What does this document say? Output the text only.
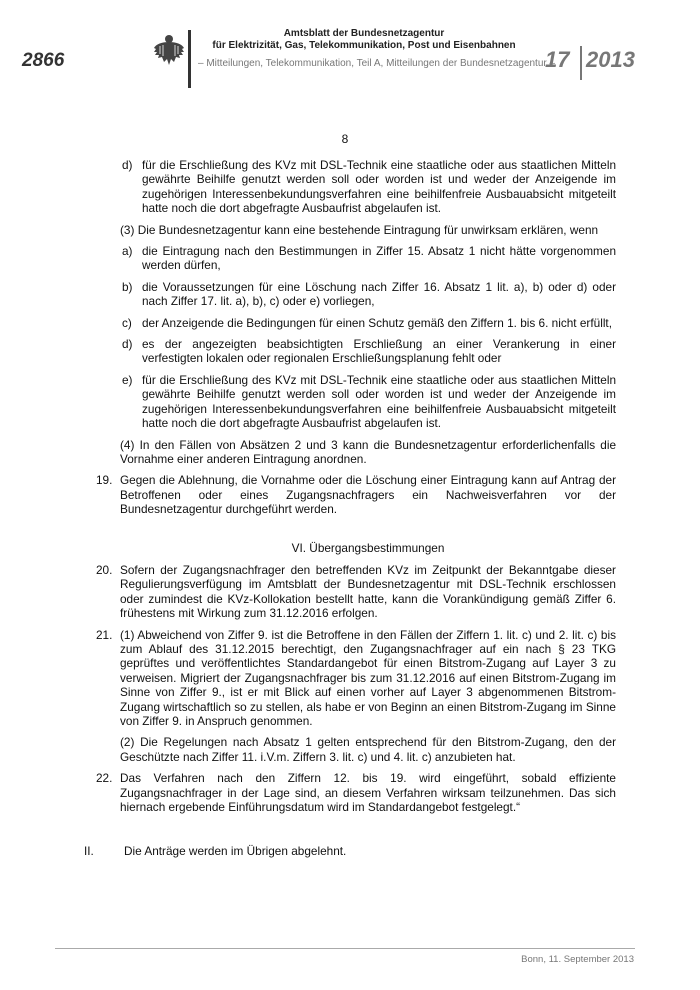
2866
Amtsblatt der Bundesnetzagentur
für Elektrizität, Gas, Telekommunikation, Post und Eisenbahnen
– Mitteilungen, Telekommunikation, Teil A, Mitteilungen der Bundesnetzagentur –
17 2013
8
d) für die Erschließung des KVz mit DSL-Technik eine staatliche oder aus staatlichen Mitteln gewährte Beihilfe genutzt werden soll oder worden ist und weder der Anzeigende im zugehörigen Interessenbekundungsverfahren eine beihilfenfreie Ausbauabsicht mitgeteilt hatte noch die dort abgefragte Ausbaufrist abgelaufen ist.
(3) Die Bundesnetzagentur kann eine bestehende Eintragung für unwirksam erklären, wenn
a) die Eintragung nach den Bestimmungen in Ziffer 15. Absatz 1 nicht hätte vorgenommen werden dürfen,
b) die Voraussetzungen für eine Löschung nach Ziffer 16. Absatz 1 lit. a), b) oder d) oder nach Ziffer 17. lit. a), b), c) oder e) vorliegen,
c) der Anzeigende die Bedingungen für einen Schutz gemäß den Ziffern 1. bis 6. nicht erfüllt,
d) es der angezeigten beabsichtigten Erschließung an einer Verankerung in einer verfestigten lokalen oder regionalen Erschließungsplanung fehlt oder
e) für die Erschließung des KVz mit DSL-Technik eine staatliche oder aus staatlichen Mitteln gewährte Beihilfe genutzt werden soll oder worden ist und weder der Anzeigende im zugehörigen Interessenbekundungsverfahren eine beihilfenfreie Ausbauabsicht mitgeteilt hatte noch die dort abgefragte Ausbaufrist abgelaufen ist.
(4) In den Fällen von Absätzen 2 und 3 kann die Bundesnetzagentur erforderlichenfalls die Vornahme einer anderen Eintragung anordnen.
19. Gegen die Ablehnung, die Vornahme oder die Löschung einer Eintragung kann auf Antrag der Betroffenen oder eines Zugangsnachfragers ein Nachweisverfahren vor der Bundesnetzagentur durchgeführt werden.
VI. Übergangsbestimmungen
20. Sofern der Zugangsnachfrager den betreffenden KVz im Zeitpunkt der Bekanntgabe dieser Regulierungsverfügung im Amtsblatt der Bundesnetzagentur mit DSL-Technik erschlossen oder zumindest die KVz-Kollokation bestellt hatte, kann die Vorankündigung gemäß Ziffer 6. frühestens mit Wirkung zum 31.12.2016 erfolgen.
21. (1) Abweichend von Ziffer 9. ist die Betroffene in den Fällen der Ziffern 1. lit. c) und 2. lit. c) bis zum Ablauf des 31.12.2015 berechtigt, den Zugangsnachfrager auf ein nach § 23 TKG geprüftes und veröffentlichtes Standardangebot für einen Bitstrom-Zugang auf Layer 3 zu verweisen. Migriert der Zugangsnachfrager bis zum 31.12.2016 auf einen Bitstrom-Zugang im Sinne von Ziffer 9., ist er mit Blick auf einen vorher auf Layer 3 abgenommenen Bitstrom-Zugang wirtschaftlich so zu stellen, als habe er von Beginn an einen Bitstrom-Zugang im Sinne von Ziffer 9. in Anspruch genommen.
(2) Die Regelungen nach Absatz 1 gelten entsprechend für den Bitstrom-Zugang, den der Geschützte nach Ziffer 11. i.V.m. Ziffern 3. lit. c) und 4. lit. c) anzubieten hat.
22. Das Verfahren nach den Ziffern 12. bis 19. wird eingeführt, sobald effiziente Zugangsnachfrager in der Lage sind, an diesem Verfahren wirksam teilzunehmen. Das sich hiernach ergebende Einführungsdatum wird im Standardangebot festgelegt.“
II.	Die Anträge werden im Übrigen abgelehnt.
Bonn, 11. September 2013
